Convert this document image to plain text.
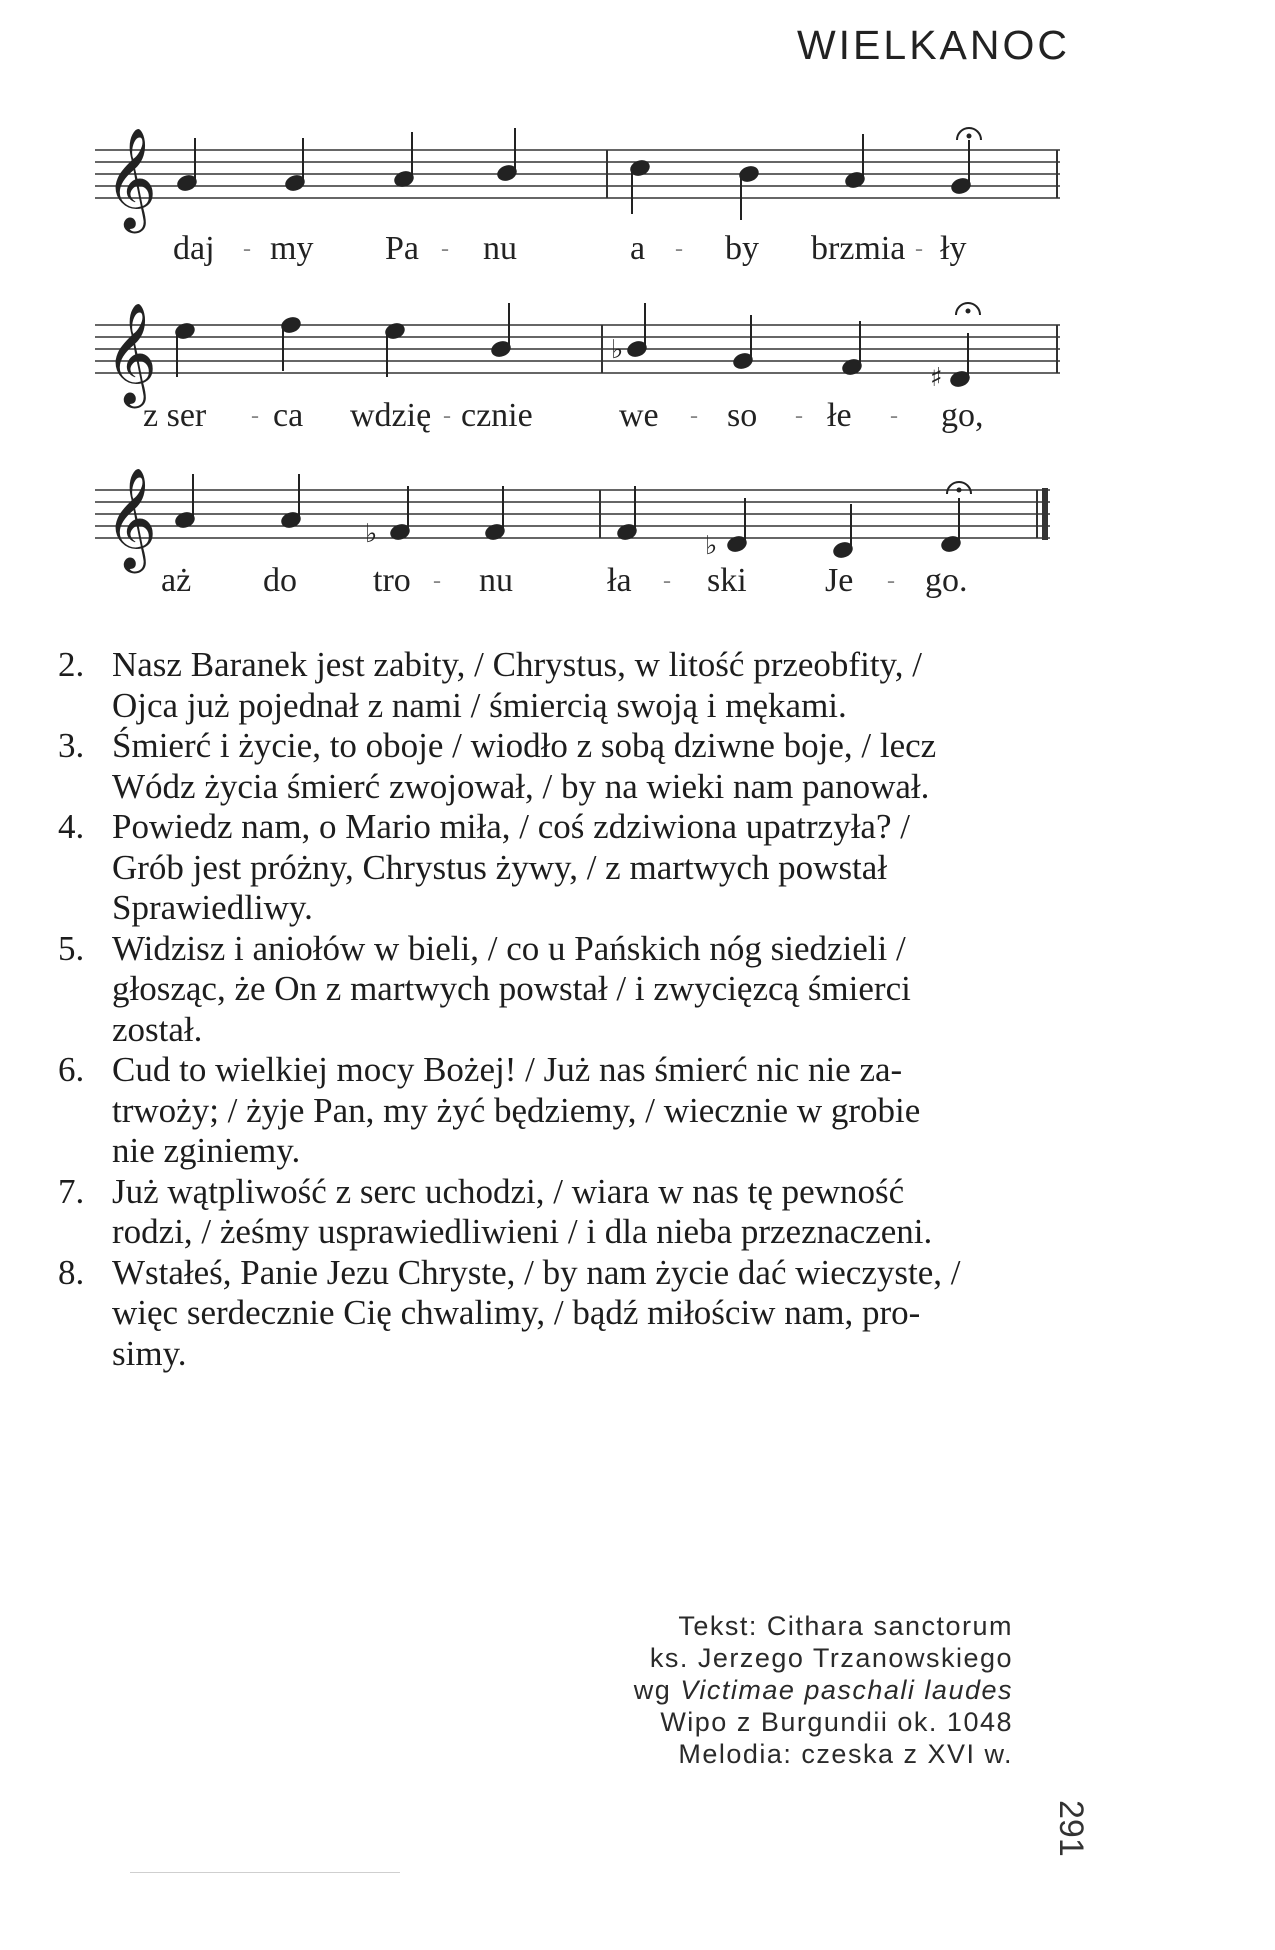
WIELKANOC
𝄞
daj - my Pa - nu	a - by brzmia - ły
𝄞	♭
♯
z ser - ca wdzię - cznie	we - so - łe - go,
𝄞	♭	♭
aż do tro - nu	ła - ski Je - go.
2. Nasz Baranek jest zabity, / Chrystus, w litość przeobfity, /
Ojca już pojednał z nami / śmiercią swoją i mękami.
3. Śmierć i życie, to oboje / wiodło z sobą dziwne boje, / lecz
Wódz życia śmierć zwojował, / by na wieki nam panował.
4. Powiedz nam, o Mario miła, / coś zdziwiona upatrzyła? /
Grób jest próżny, Chrystus żywy, / z martwych powstał
Sprawiedliwy.
5. Widzisz i aniołów w bieli, / co u Pańskich nóg siedzieli /
głosząc, że On z martwych powstał / i zwycięzcą śmierci
został.
6. Cud to wielkiej mocy Bożej! / Już nas śmierć nic nie za-
trwoży; / żyje Pan, my żyć będziemy, / wiecznie w grobie
nie zginiemy.
7. Już wątpliwość z serc uchodzi, / wiara w nas tę pewność
rodzi, / żeśmy usprawiedliwieni / i dla nieba przeznaczeni.
8. Wstałeś, Panie Jezu Chryste, / by nam życie dać wieczyste, /
więc serdecznie Cię chwalimy, / bądź miłościw nam, pro-
simy.
Tekst: Cithara sanctorum
ks. Jerzego Trzanowskiego
wg Victimae paschali laudes
Wipo z Burgundii ok. 1048
Melodia: czeska z XVI w.
291
